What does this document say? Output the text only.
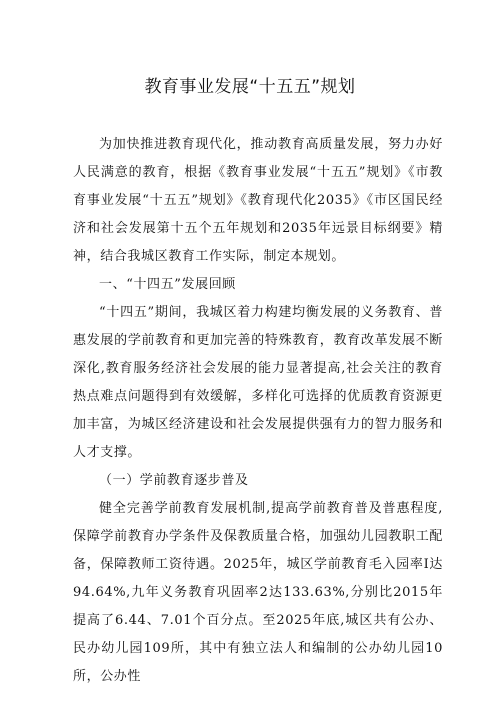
教育事业发展“十五五”规划

为加快推进教育现代化，推动教育高质量发展，努力办好人民满意的教育，根据《教育事业发展“十五五”规划》《市教育事业发展“十五五”规划》《教育现代化2035》《市区国民经济和社会发展第十五个五年规划和2035年远景目标纲要》精神，结合我城区教育工作实际，制定本规划。

一、“十四五”发展回顾

“十四五”期间，我城区着力构建均衡发展的义务教育、普惠发展的学前教育和更加完善的特殊教育，教育改革发展不断深化,教育服务经济社会发展的能力显著提高,社会关注的教育热点难点问题得到有效缓解，多样化可选择的优质教育资源更加丰富，为城区经济建设和社会发展提供强有力的智力服务和人才支撑。

（一）学前教育逐步普及

健全完善学前教育发展机制,提高学前教育普及普惠程度,保障学前教育办学条件及保教质量合格，加强幼儿园教职工配备，保障教师工资待遇。2025年，城区学前教育毛入园率Ⅰ达94.64%,九年义务教育巩固率2达133.63%,分别比2015年提高了6.44、7.01个百分点。至2025年底,城区共有公办、民办幼儿园109所，其中有独立法人和编制的公办幼儿园10所，公办性
